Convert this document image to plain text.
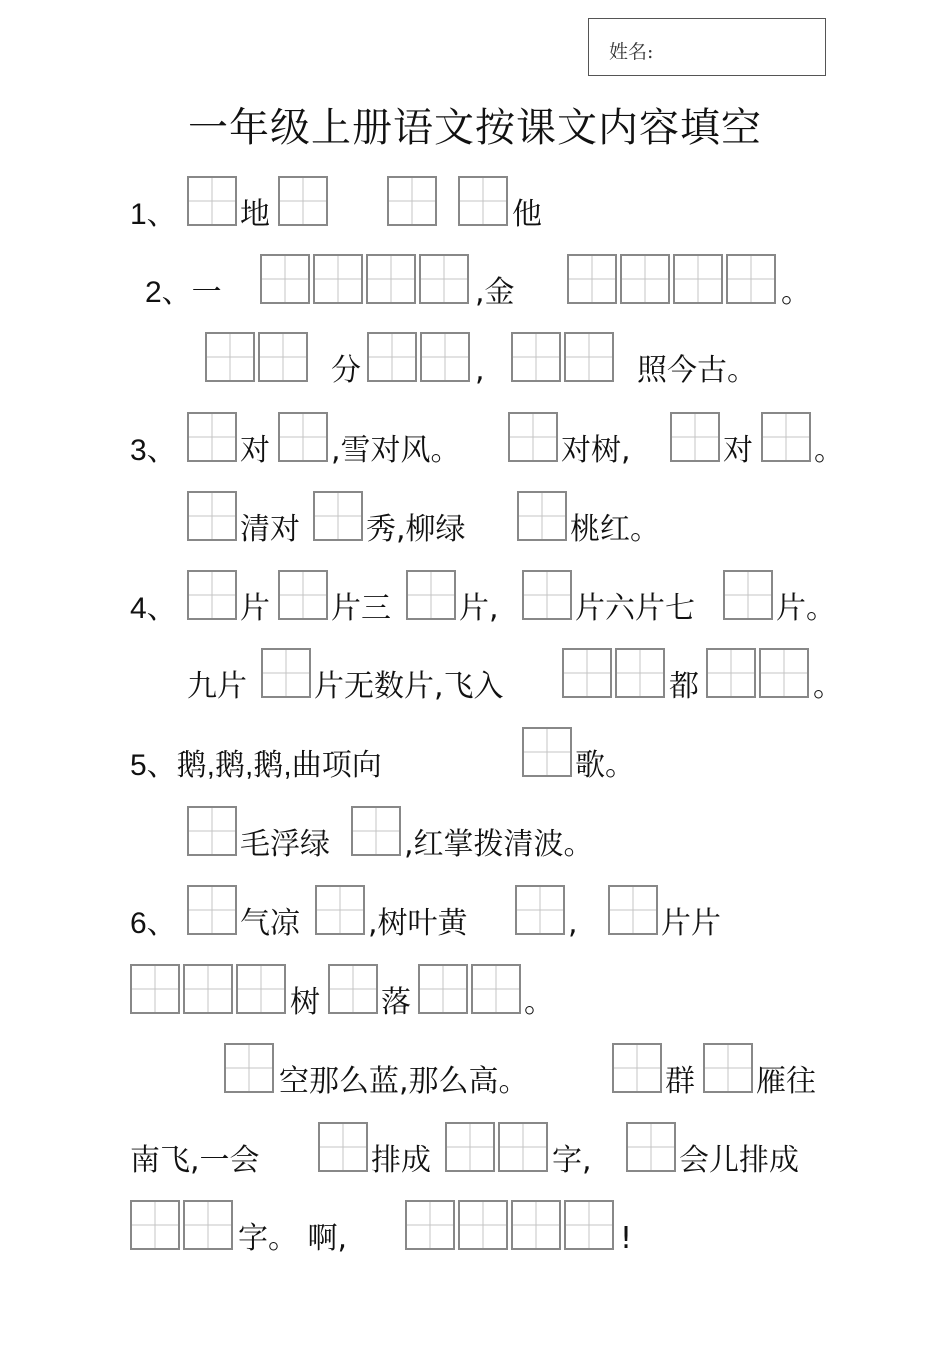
姓名:
一年级上册语文按课文内容填空
1、 地	他
2、一	,金	。
分	,	照今古。
3、 对 ,雪对风。	对树,	对 。
清对 秀,柳绿	桃红。
4、 片 片三 片,	片六片七	片。
九片 片无数片,飞入	都	。
5、鹅,鹅,鹅,曲项向	歌。
毛浮绿 ,红掌拨清波。
6、 气凉 ,树叶黄	,	片片
树 落	。
空那么蓝,那么高。	群 雁往
南飞,一会	排成	字,	会儿排成
字。 啊,	!
